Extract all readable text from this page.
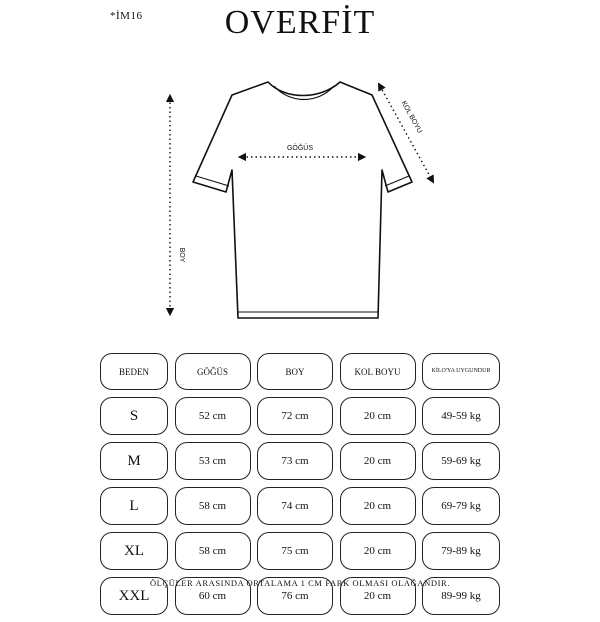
*İM16	OVERFİT
GÖĞÜS
BOY
KOL BOYU
BEDEN	GÖĞÜS	BOY	KOL BOYU	KİLO'YA UYGUNDUR
S	52 cm	72 cm	20 cm	49-59 kg
M	53 cm	73 cm	20 cm	59-69 kg
L	58 cm	74 cm	20 cm	69-79 kg
XL	58 cm	75 cm	20 cm	79-89 kg
XXL	60 cm	76 cm	20 cm	89-99 kg
ÖLÇÜLER ARASINDA ORTALAMA 1 CM FARK OLMASI OLAĞANDIR.
